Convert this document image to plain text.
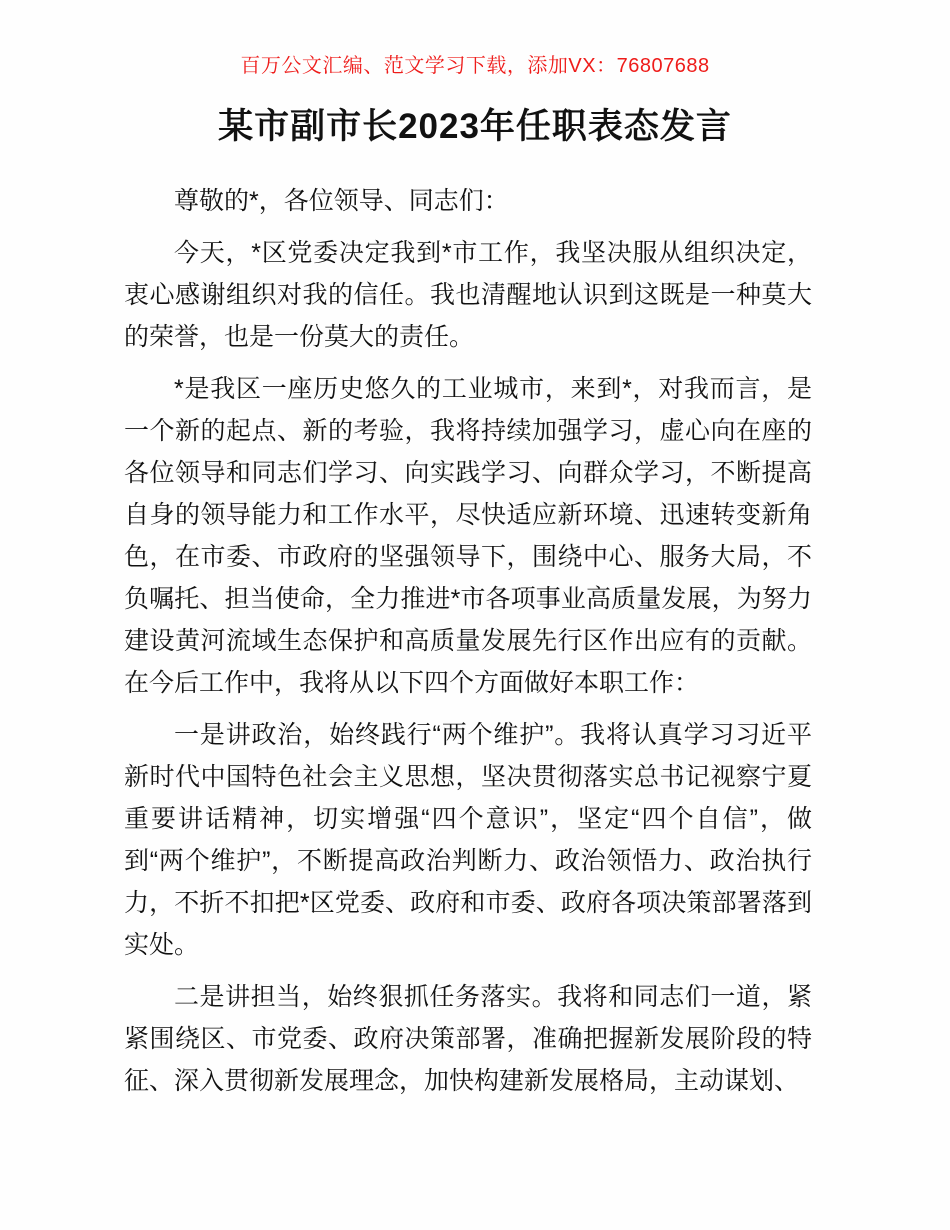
百万公文汇编、范文学习下载，添加VX：76807688
某市副市长2023年任职表态发言

尊敬的*，各位领导、同志们：

今天，*区党委决定我到*市工作，我坚决服从组织决定，衷心感谢组织对我的信任。我也清醒地认识到这既是一种莫大的荣誉，也是一份莫大的责任。

*是我区一座历史悠久的工业城市，来到*，对我而言，是一个新的起点、新的考验，我将持续加强学习，虚心向在座的各位领导和同志们学习、向实践学习、向群众学习，不断提高自身的领导能力和工作水平，尽快适应新环境、迅速转变新角色，在市委、市政府的坚强领导下，围绕中心、服务大局，不负嘱托、担当使命，全力推进*市各项事业高质量发展，为努力建设黄河流域生态保护和高质量发展先行区作出应有的贡献。在今后工作中，我将从以下四个方面做好本职工作：

一是讲政治，始终践行“两个维护”。我将认真学习习近平新时代中国特色社会主义思想，坚决贯彻落实总书记视察宁夏重要讲话精神，切实增强“四个意识”，坚定“四个自信”，做到“两个维护”，不断提高政治判断力、政治领悟力、政治执行力，不折不扣把*区党委、政府和市委、政府各项决策部署落到实处。

二是讲担当，始终狠抓任务落实。我将和同志们一道，紧紧围绕区、市党委、政府决策部署，准确把握新发展阶段的特征、深入贯彻新发展理念，加快构建新发展格局，主动谋划、
